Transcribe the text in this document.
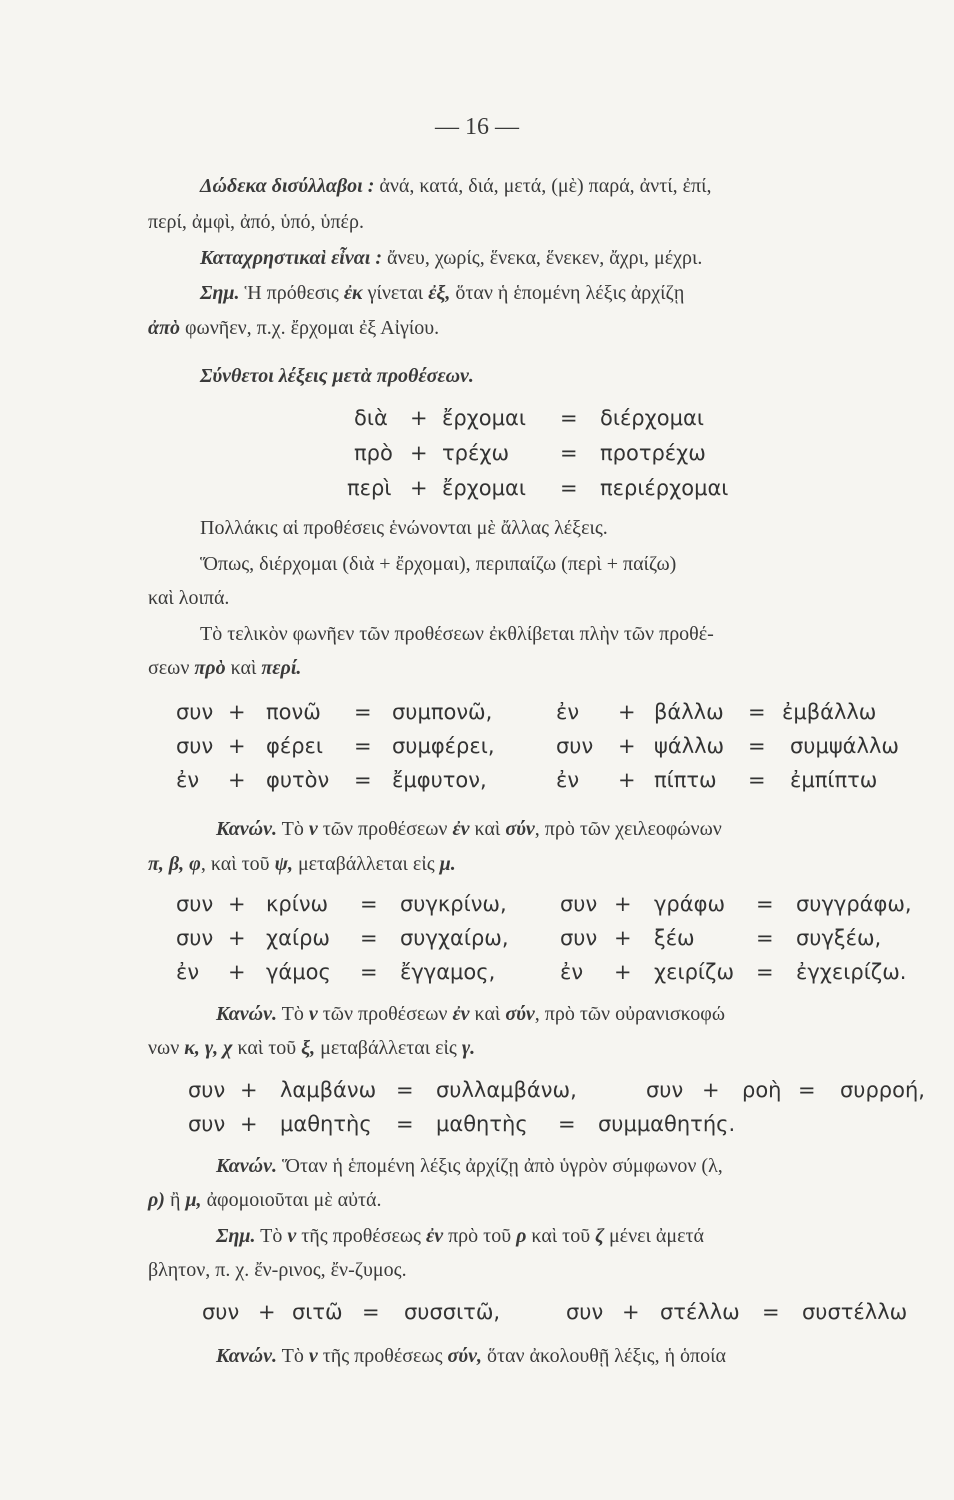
— 16 —
Δώδεκα δισύλλαβοι : ἀνά, κατά, διά, μετά, (μὲ) παρά, ἀντί, ἐπί,
περί, ἀμφὶ, ἀπό, ὑπό, ὑπέρ.
Καταχρηστικαὶ εἶναι : ἄνευ, χωρίς, ἕνεκα, ἕνεκεν, ἄχρι, μέχρι.
Σημ. Ἡ πρόθεσις ἐκ γίνεται ἐξ, ὅταν ἡ ἑπομένη λέξις ἀρχίζῃ
ἀπὸ φωνῆεν, π.χ. ἔρχομαι ἐξ Αἰγίου.
Σύνθετοι λέξεις μετὰ προθέσεων.
διὰ + ἔρχομαι = διέρχομαι
πρὸ + τρέχω = προτρέχω
περὶ + ἔρχομαι = περιέρχομαι
Πολλάκις αἱ προθέσεις ἑνώνονται μὲ ἄλλας λέξεις.
Ὅπως, διέρχομαι (διὰ + ἔρχομαι), περιπαίζω (περὶ + παίζω)
καὶ λοιπά.
Τὸ τελικὸν φωνῆεν τῶν προθέσεων ἐκθλίβεται πλὴν τῶν προθέ-
σεων πρὸ καὶ περί.
συν + πονῶ = συμπονῶ,	ἐν + βάλλω = ἐμβάλλω
συν + φέρει = συμφέρει,	συν + ψάλλω = συμψάλλω
ἐν + φυτὸν = ἔμφυτον,	ἐν + πίπτω = ἐμπίπτω
Κανών. Τὸ ν τῶν προθέσεων ἐν καὶ σύν, πρὸ τῶν χειλεοφώνων
π, β, φ, καὶ τοῦ ψ, μεταβάλλεται εἰς μ.
συν + κρίνω = συγκρίνω,	συν + γράφω = συγγράφω,
συν + χαίρω = συγχαίρω, συν + ξέω	= συγξέω,
ἐν + γάμος = ἔγγαμος,	ἐν + χειρίζω = ἐγχειρίζω.
Κανών. Τὸ ν τῶν προθέσεων ἐν καὶ σύν, πρὸ τῶν οὐρανισκοφώ
νων κ, γ, χ καὶ τοῦ ξ, μεταβάλλεται εἰς γ.
συν + λαμβάνω = συλλαμβάνω,	συν + ροὴ = συρροή,
συν + μαθητὴς = μαθητὴς = συμμαθητής.
Κανών. Ὅταν ἡ ἑπομένη λέξις ἀρχίζῃ ἀπὸ ὑγρὸν σύμφωνον (λ,
ρ) ἢ μ, ἀφομοιοῦται μὲ αὐτά.
Σημ. Τὸ ν τῆς προθέσεως ἐν πρὸ τοῦ ρ καὶ τοῦ ζ μένει ἀμετά
βλητον, π. χ. ἔν-ρινος, ἔν-ζυμος.
συν + σιτῶ = συσσιτῶ,	συν + στέλλω = συστέλλω
Κανών. Τὸ ν τῆς προθέσεως σύν, ὅταν ἀκολουθῇ λέξις, ἡ ὁποία
